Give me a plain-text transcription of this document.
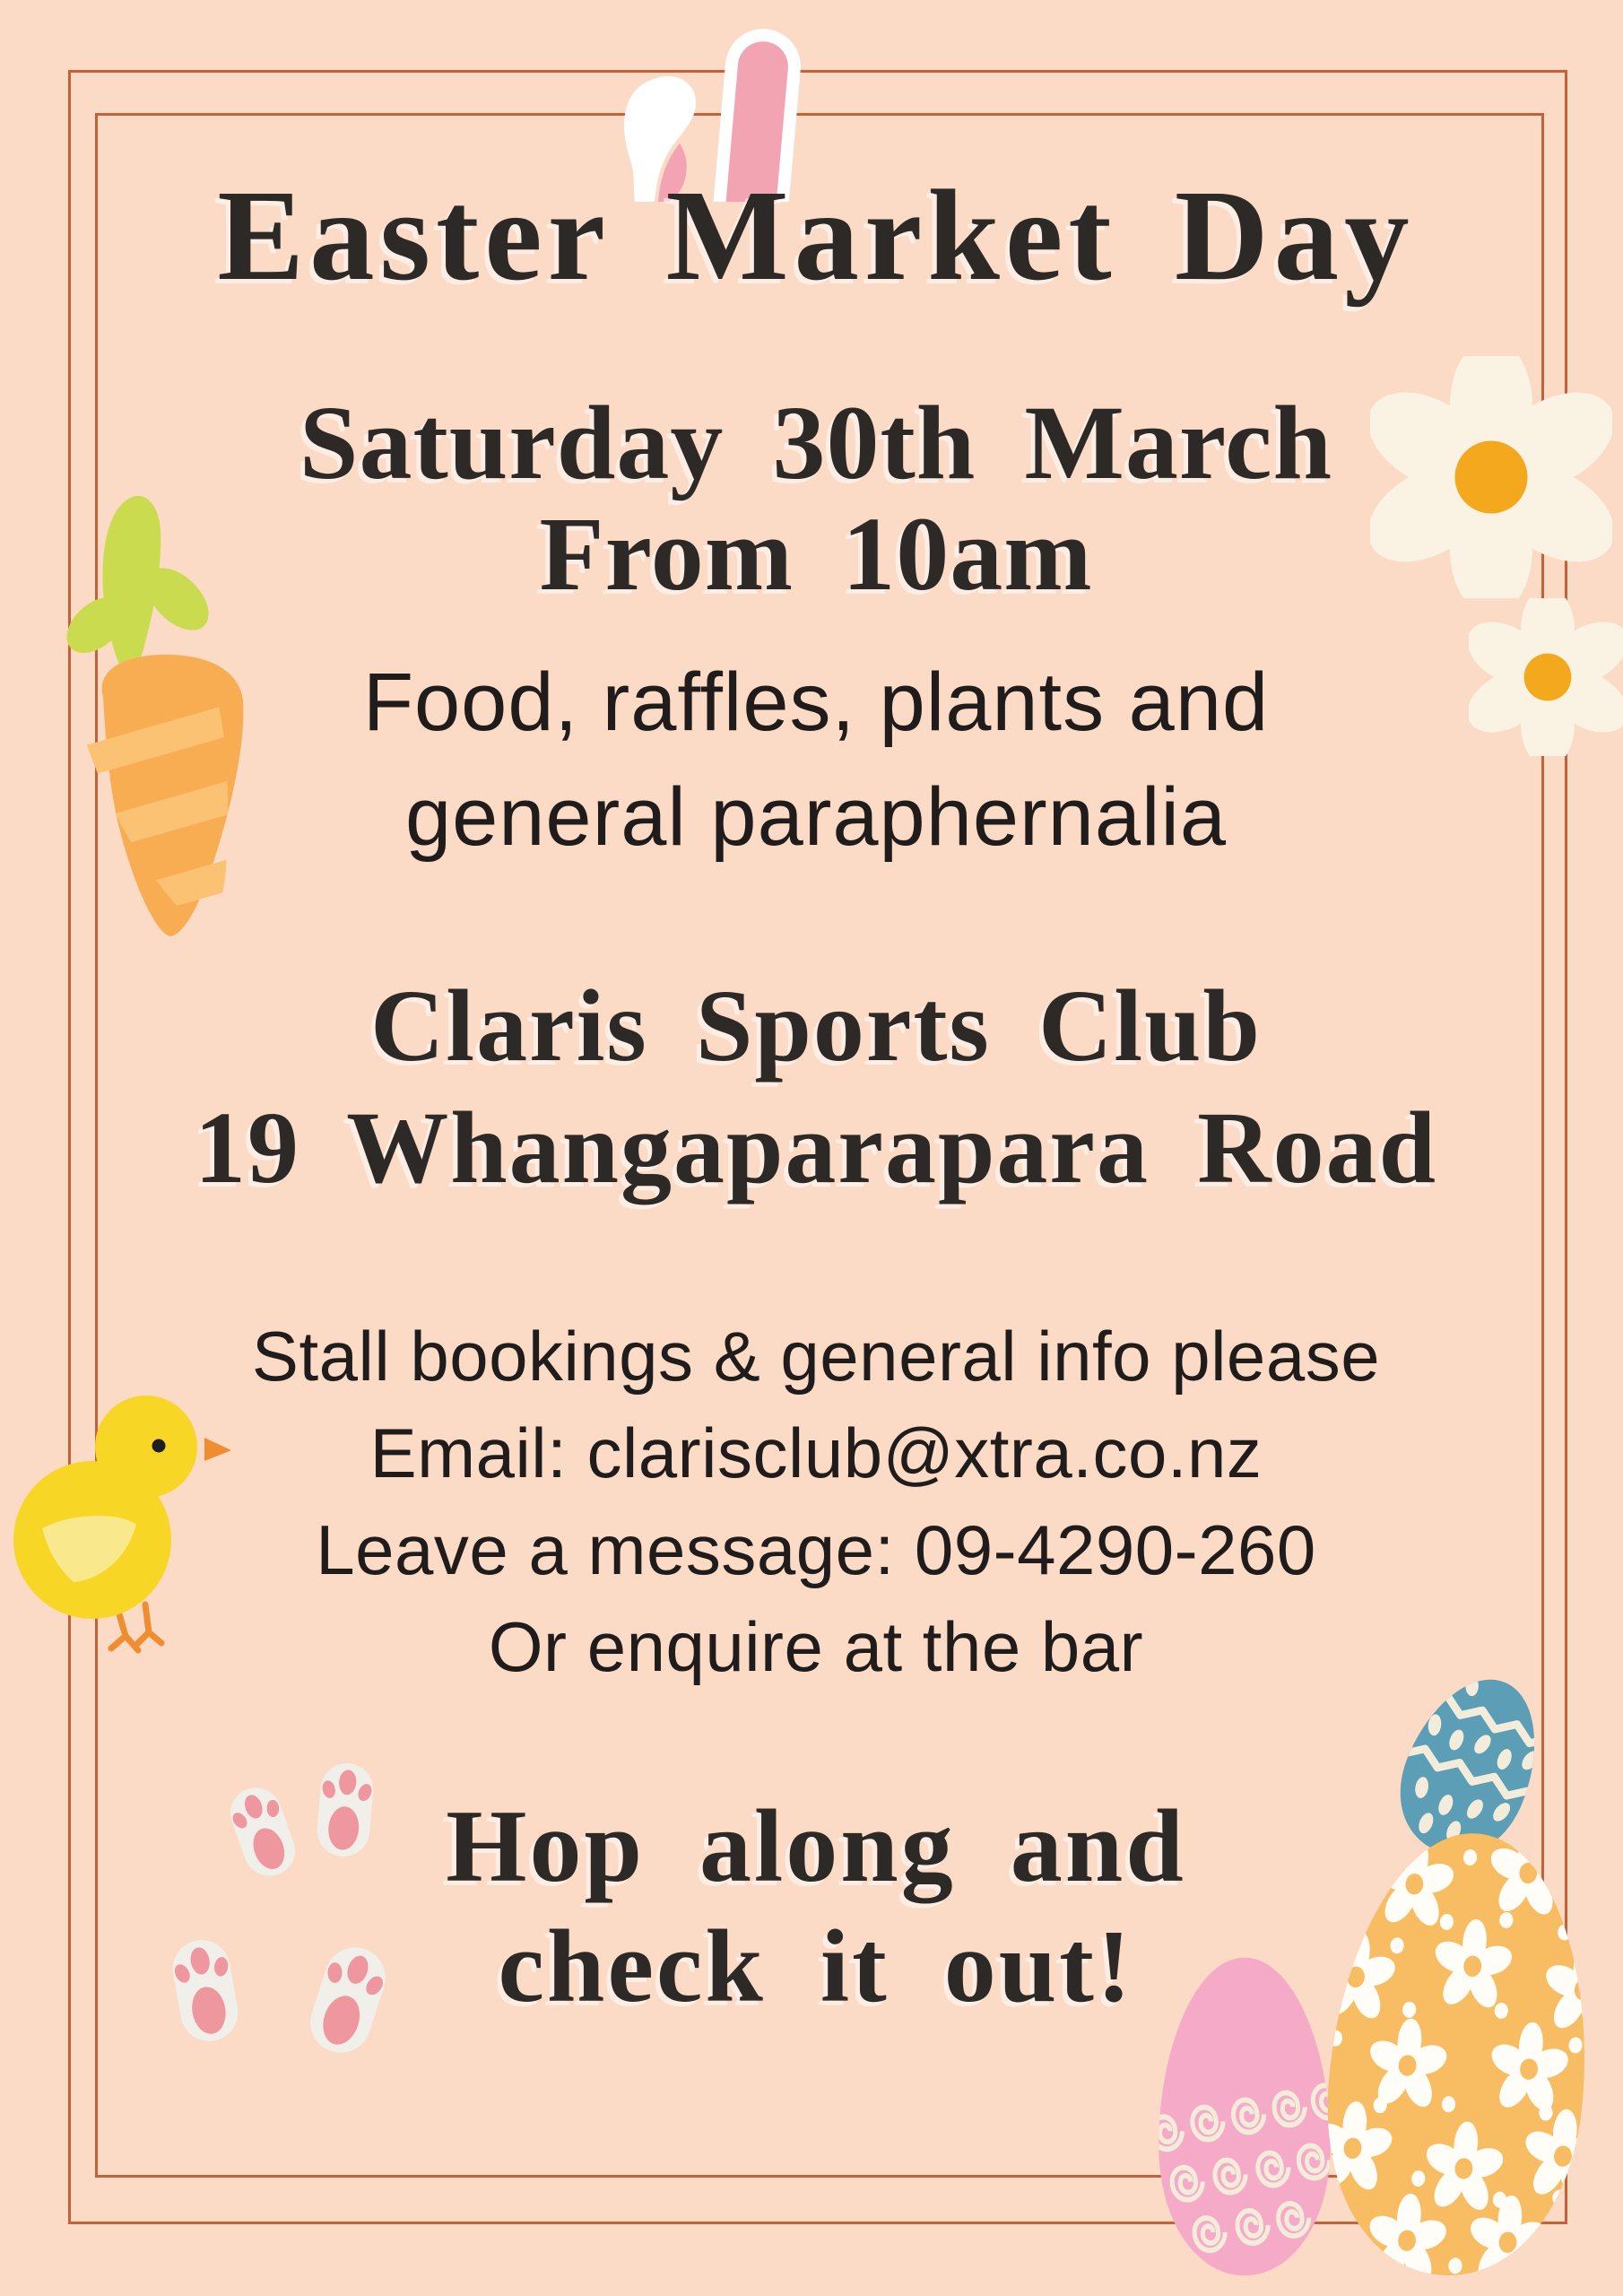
Easter Market Day
Saturday 30th March
From 10am
Food, raffles, plants and
general paraphernalia
Claris Sports Club
19 Whangaparapara Road
Stall bookings & general info please
Email: clarisclub@xtra.co.nz
Leave a message: 09-4290-260
Or enquire at the bar
Hop along and
check it out!
